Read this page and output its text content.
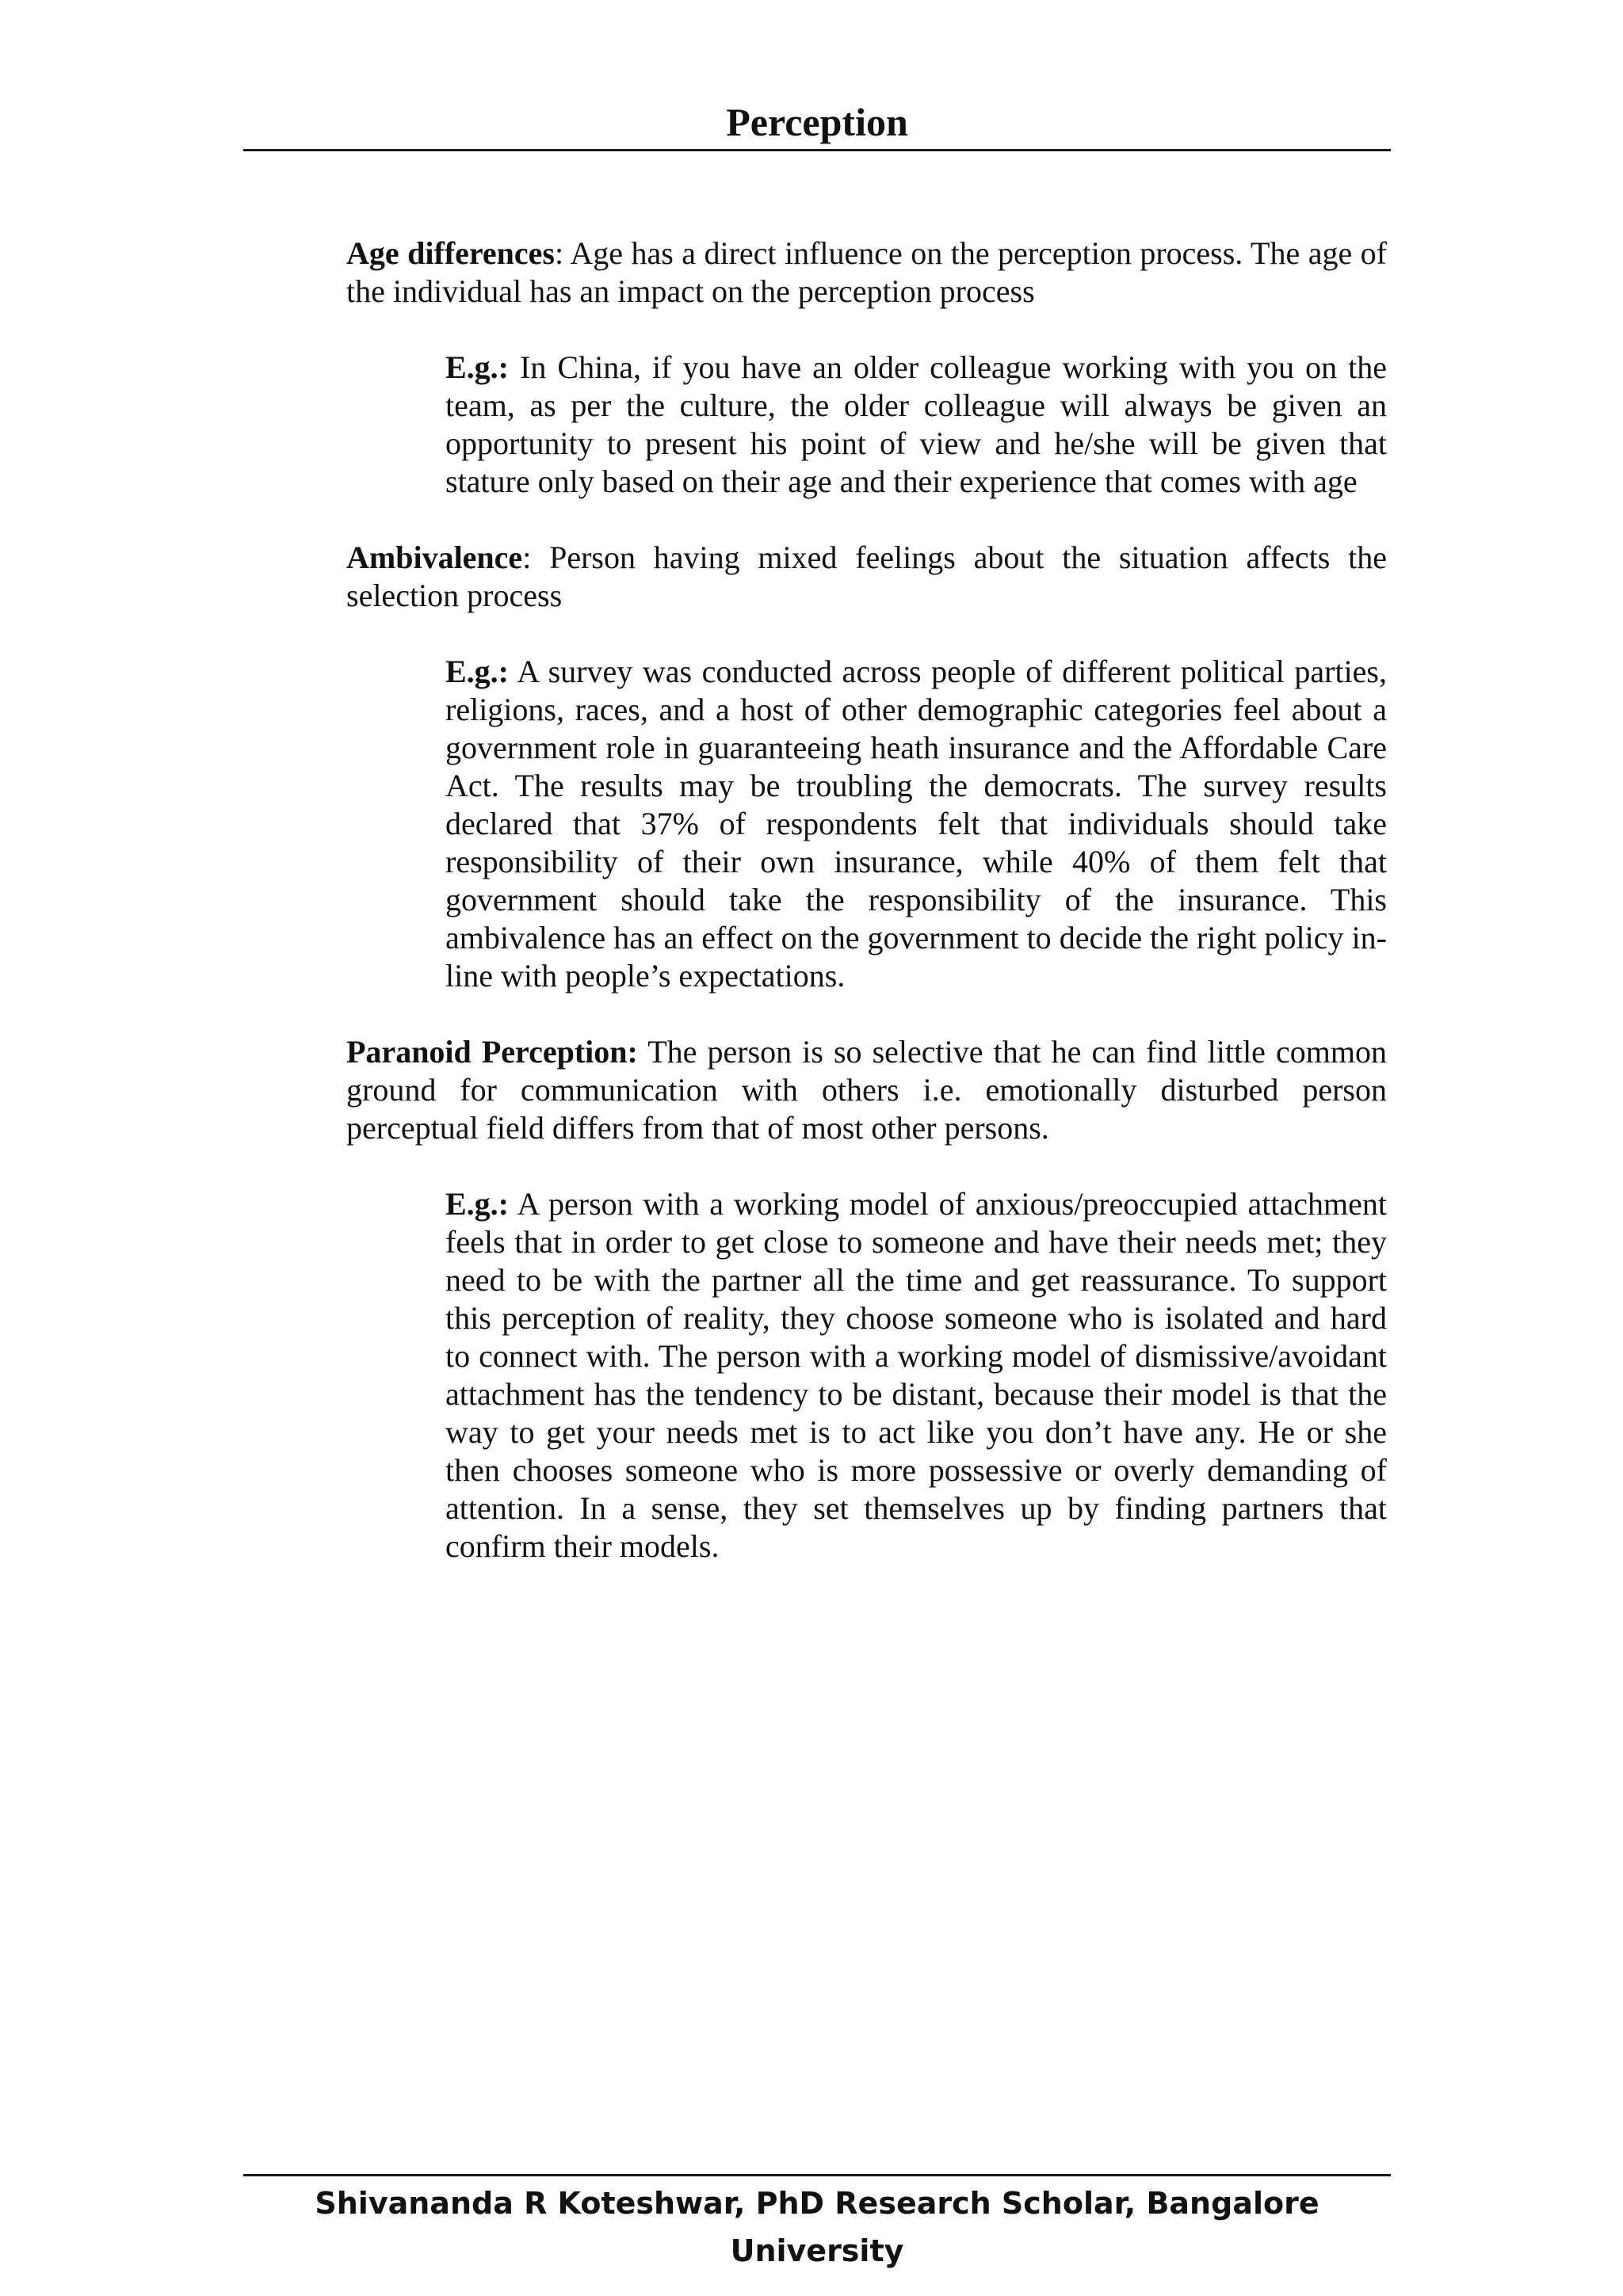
Perception

Age differences: Age has a direct influence on the perception process. The age of the individual has an impact on the perception process

E.g.: In China, if you have an older colleague working with you on the team, as per the culture, the older colleague will always be given an opportunity to present his point of view and he/she will be given that stature only based on their age and their experience that comes with age

Ambivalence: Person having mixed feelings about the situation affects the selection process

E.g.: A survey was conducted across people of different political parties, religions, races, and a host of other demographic categories feel about a government role in guaranteeing heath insurance and the Affordable Care Act. The results may be troubling the democrats. The survey results declared that 37% of respondents felt that individuals should take responsibility of their own insurance, while 40% of them felt that government should take the responsibility of the insurance. This ambivalence has an effect on the government to decide the right policy in-line with people’s expectations.

Paranoid Perception: The person is so selective that he can find little common ground for communication with others i.e. emotionally disturbed person perceptual field differs from that of most other persons.

E.g.: A person with a working model of anxious/preoccupied attachment feels that in order to get close to someone and have their needs met; they need to be with the partner all the time and get reassurance. To support this perception of reality, they choose someone who is isolated and hard to connect with. The person with a working model of dismissive/avoidant attachment has the tendency to be distant, because their model is that the way to get your needs met is to act like you don’t have any. He or she then chooses someone who is more possessive or overly demanding of attention. In a sense, they set themselves up by finding partners that confirm their models.

Shivananda R Koteshwar, PhD Research Scholar, Bangalore University
